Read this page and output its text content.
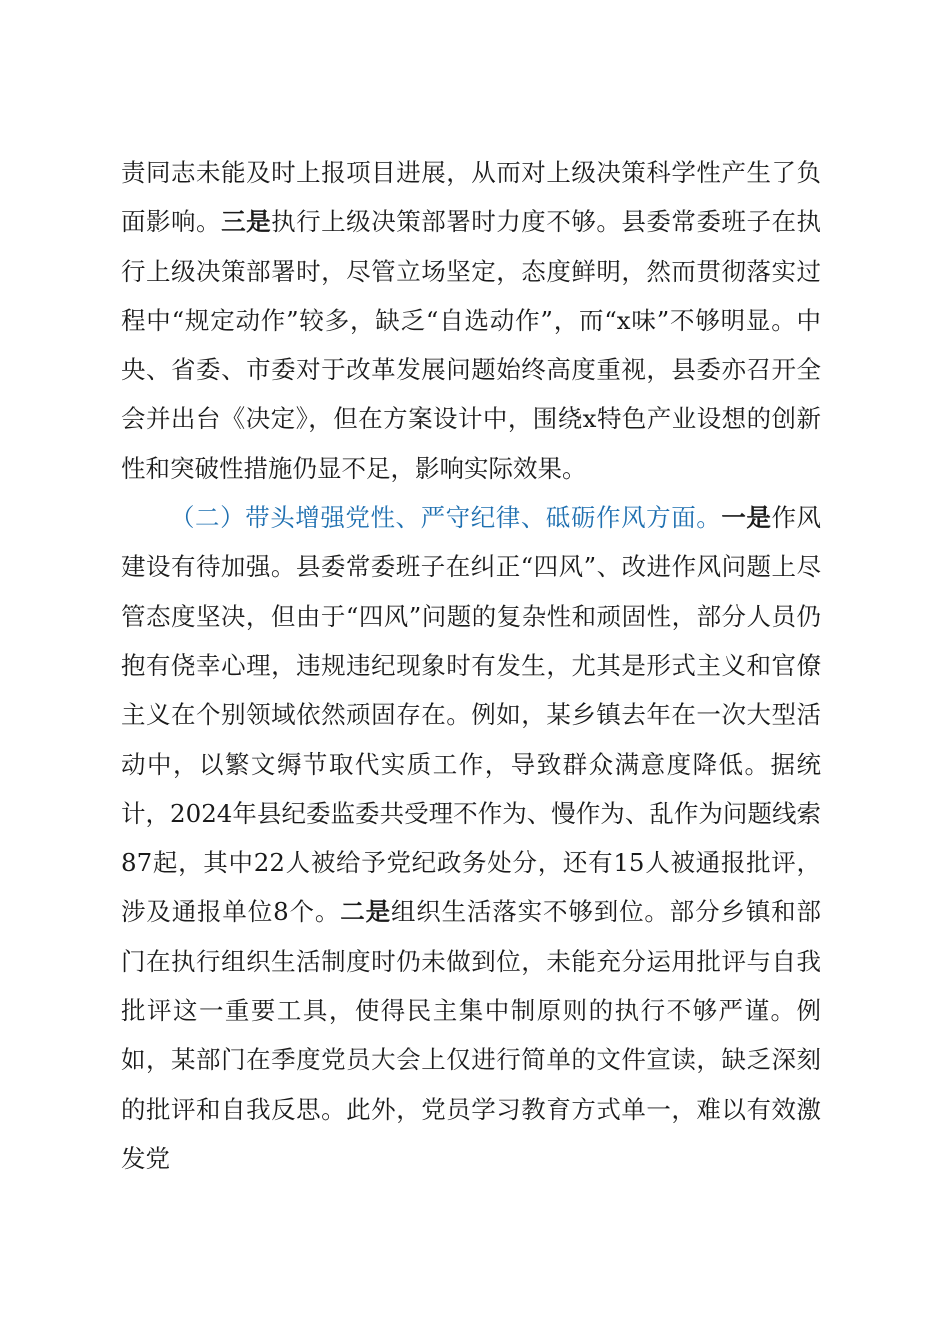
责同志未能及时上报项目进展，从而对上级决策科学性产生了负面影响。三是执行上级决策部署时力度不够。县委常委班子在执行上级决策部署时，尽管立场坚定，态度鲜明，然而贯彻落实过程中“规定动作”较多，缺乏“自选动作”，而“x味”不够明显。中央、省委、市委对于改革发展问题始终高度重视，县委亦召开全会并出台《决定》，但在方案设计中，围绕x特色产业设想的创新性和突破性措施仍显不足，影响实际效果。

（二）带头增强党性、严守纪律、砥砺作风方面。一是作风建设有待加强。县委常委班子在纠正“四风”、改进作风问题上尽管态度坚决，但由于“四风”问题的复杂性和顽固性，部分人员仍抱有侥幸心理，违规违纪现象时有发生，尤其是形式主义和官僚主义在个别领域依然顽固存在。例如，某乡镇去年在一次大型活动中，以繁文缛节取代实质工作，导致群众满意度降低。据统计，2024年县纪委监委共受理不作为、慢作为、乱作为问题线索87起，其中22人被给予党纪政务处分，还有15人被通报批评，涉及通报单位8个。二是组织生活落实不够到位。部分乡镇和部门在执行组织生活制度时仍未做到位，未能充分运用批评与自我批评这一重要工具，使得民主集中制原则的执行不够严谨。例如，某部门在季度党员大会上仅进行简单的文件宣读，缺乏深刻的批评和自我反思。此外，党员学习教育方式单一，难以有效激发党
